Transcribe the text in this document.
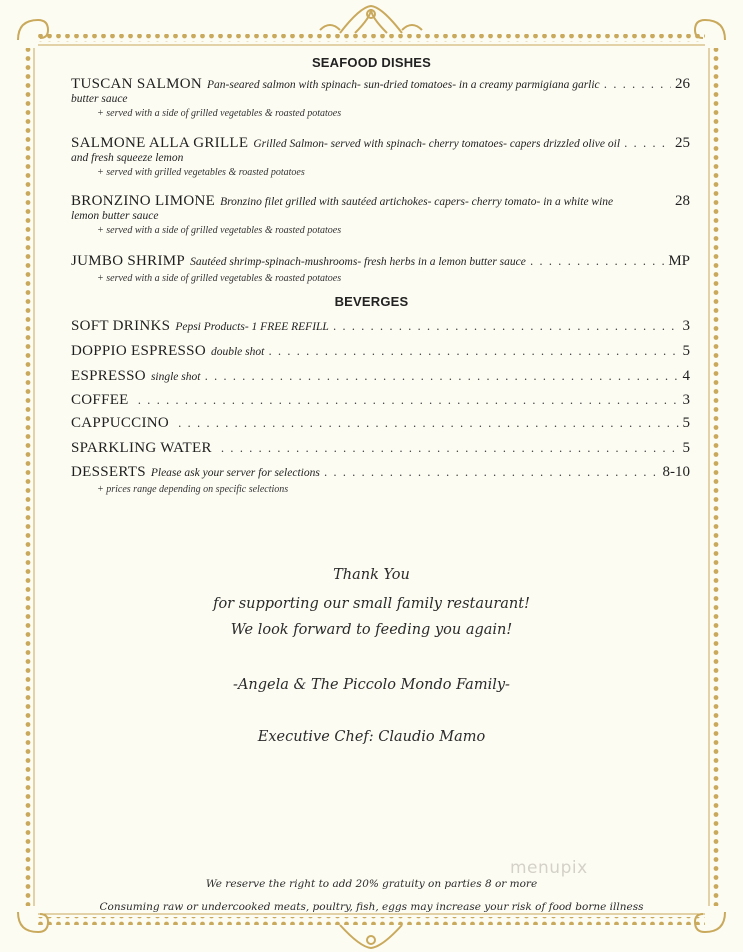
SEAFOOD DISHES
TUSCAN SALMON Pan-seared salmon with spinach- sun-dried tomatoes- in a creamy parmigiana garlic . . .	26
butter sauce
+ served with a side of grilled vegetables & roasted potatoes
SALMONE ALLA GRILLE Grilled Salmon- served with spinach- cherry tomatoes- capers drizzled olive oil . . .	25
and fresh squeeze lemon
+ served with grilled vegetables & roasted potatoes
BRONZINO LIMONE Bronzino filet grilled with sautéed artichokes- capers- cherry tomato- in a white wine	28
lemon butter sauce
+ served with a side of grilled vegetables & roasted potatoes
JUMBO SHRIMP Sautéed shrimp-spinach-mushrooms- fresh herbs in a lemon butter sauce . . .	MP
+ served with a side of grilled vegetables & roasted potatoes
BEVERGES
SOFT DRINKS Pepsi Products- 1 FREE REFILL . . .	3
DOPPIO ESPRESSO double shot . . .	5
ESPRESSO single shot . . .	4
COFFEE . . .	3
CAPPUCCINO . . .	5
SPARKLING WATER . . .	5
DESSERTS Please ask your server for selections . . .	8-10
+ prices range depending on specific selections
Thank You
for supporting our small family restaurant!
We look forward to feeding you again!
-Angela & The Piccolo Mondo Family-
Executive Chef: Claudio Mamo
menupix
We reserve the right to add 20% gratuity on parties 8 or more
Consuming raw or undercooked meats, poultry, fish, eggs may increase your risk of food borne illness
